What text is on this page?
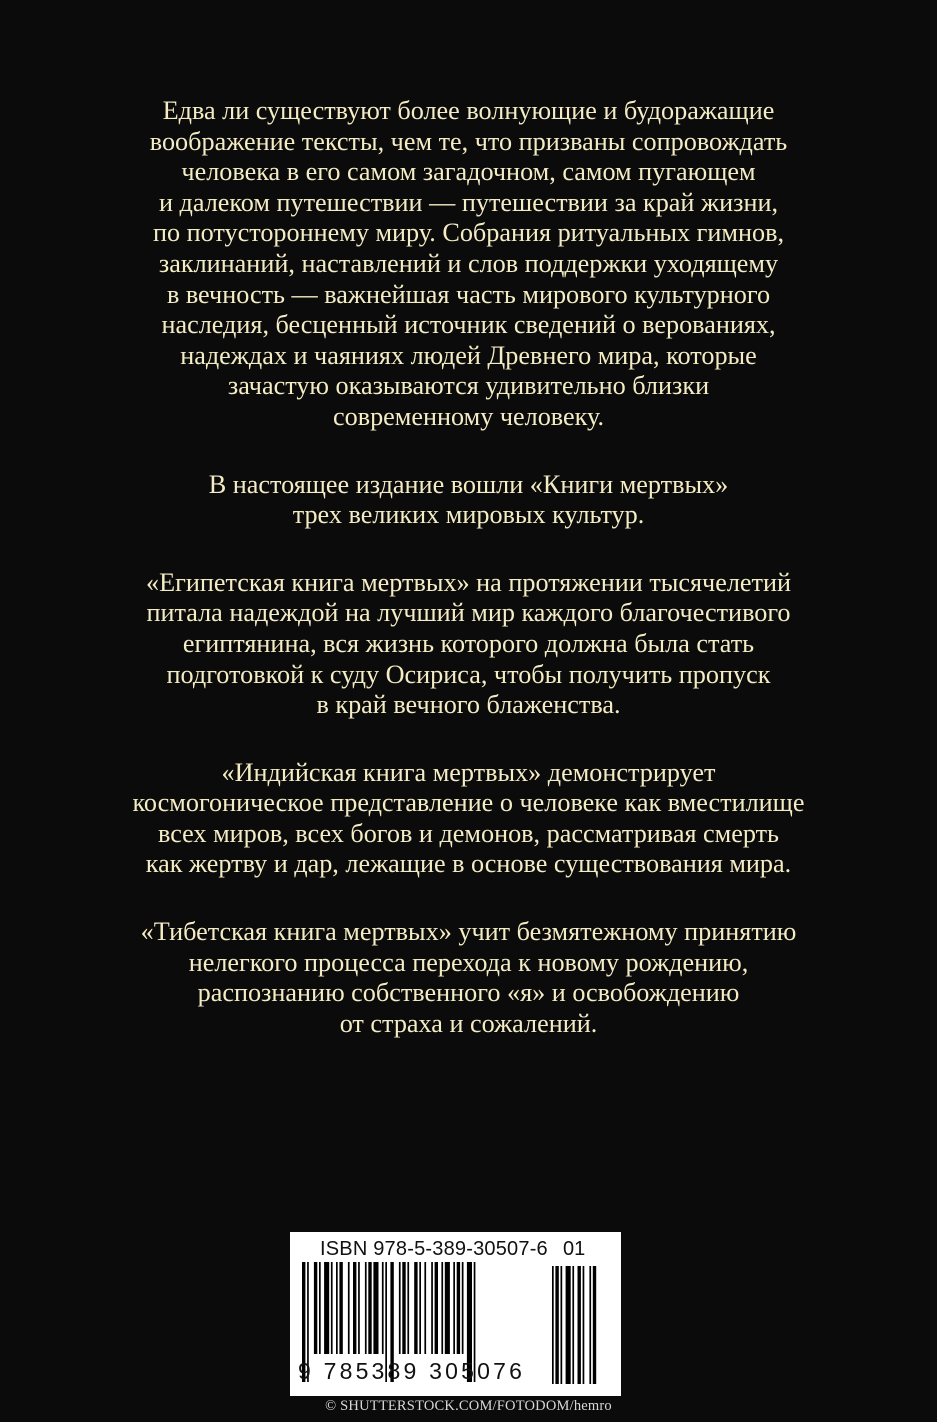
Едва ли существуют более волнующие и будоражащие
воображение тексты, чем те, что призваны сопровождать
человека в его самом загадочном, самом пугающем
и далеком путешествии — путешествии за край жизни,
по потустороннему миру. Собрания ритуальных гимнов,
заклинаний, наставлений и слов поддержки уходящему
в вечность — важнейшая часть мирового культурного
наследия, бесценный источник сведений о верованиях,
надеждах и чаяниях людей Древнего мира, которые
зачастую оказываются удивительно близки
современному человеку.

В настоящее издание вошли «Книги мертвых»
трех великих мировых культур.

«Египетская книга мертвых» на протяжении тысячелетий
питала надеждой на лучший мир каждого благочестивого
египтянина, вся жизнь которого должна была стать
подготовкой к суду Осириса, чтобы получить пропуск
в край вечного блаженства.

«Индийская книга мертвых» демонстрирует
космогоническое представление о человеке как вместилище
всех миров, всех богов и демонов, рассматривая смерть
как жертву и дар, лежащие в основе существования мира.

«Тибетская книга мертвых» учит безмятежному принятию
нелегкого процесса перехода к новому рождению,
распознанию собственного «я» и освобождению
от страха и сожалений.

ISBN 978-5-389-30507-6 01
9 785389 305076
© SHUTTERSTOCK.COM/FOTODOM/hemro
